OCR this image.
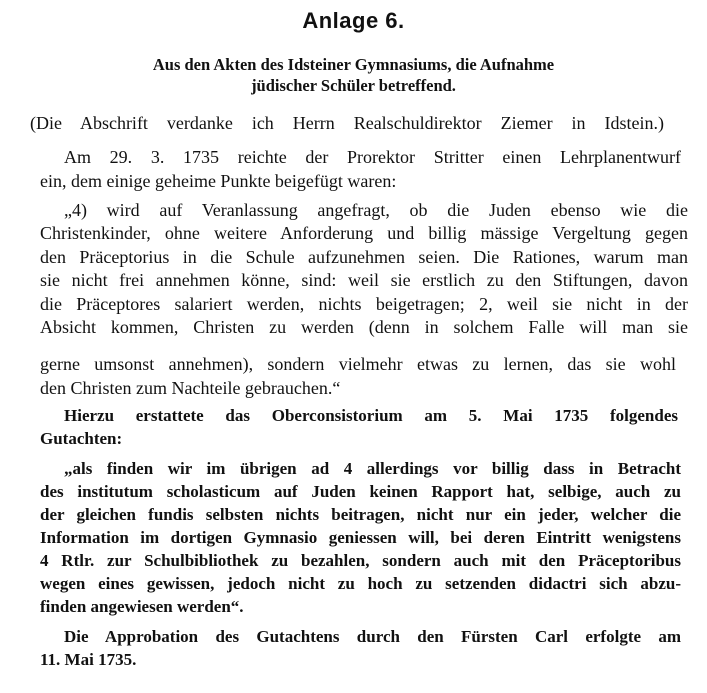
Anlage 6.
Aus den Akten des Idsteiner Gymnasiums, die Aufnahme
jüdischer Schüler betreffend.
(Die Abschrift verdanke ich Herrn Realschuldirektor Ziemer in Idstein.)
Am 29. 3. 1735 reichte der Prorektor Stritter einen Lehrplanentwurf
ein, dem einige geheime Punkte beigefügt waren:
„4) wird auf Veranlassung angefragt, ob die Juden ebenso wie die
Christenkinder, ohne weitere Anforderung und billig mässige Vergeltung gegen
den Präceptorius in die Schule aufzunehmen seien. Die Rationes, warum man
sie nicht frei annehmen könne, sind: weil sie erstlich zu den Stiftungen, davon
die Präceptores salariert werden, nichts beigetragen; 2, weil sie nicht in der
Absicht kommen, Christen zu werden (denn in solchem Falle will man sie
gerne umsonst annehmen), sondern vielmehr etwas zu lernen, das sie wohl
den Christen zum Nachteile gebrauchen.“
Hierzu erstattete das Oberconsistorium am 5. Mai 1735 folgendes
Gutachten:
„als finden wir im übrigen ad 4 allerdings vor billig dass in Betracht
des institutum scholasticum auf Juden keinen Rapport hat, selbige, auch zu
der gleichen fundis selbsten nichts beitragen, nicht nur ein jeder, welcher die
Information im dortigen Gymnasio geniessen will, bei deren Eintritt wenigstens
4 Rtlr. zur Schulbibliothek zu bezahlen, sondern auch mit den Präceptoribus
wegen eines gewissen, jedoch nicht zu hoch zu setzenden didactri sich abzu-
finden angewiesen werden“.
Die Approbation des Gutachtens durch den Fürsten Carl erfolgte am
11. Mai 1735.
